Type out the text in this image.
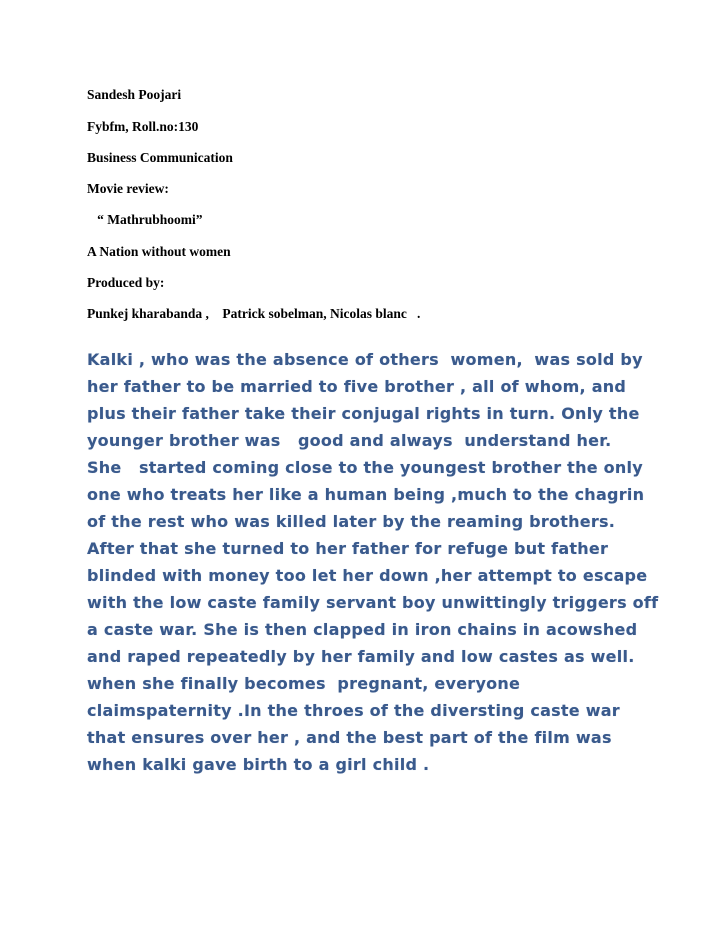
Sandesh Poojari

Fybfm, Roll.no:130

Business Communication

Movie review:

“ Mathrubhoomi”

A Nation without women

Produced by:

Punkej kharabanda ,    Patrick sobelman, Nicolas blanc   .

Kalki , who was the absence of others  women,  was sold by

her father to be married to five brother , all of whom, and

plus their father take their conjugal rights in turn. Only the

younger brother was   good and always  understand her.

She   started coming close to the youngest brother the only

one who treats her like a human being ,much to the chagrin

of the rest who was killed later by the reaming brothers.

After that she turned to her father for refuge but father

blinded with money too let her down ,her attempt to escape

with the low caste family servant boy unwittingly triggers off

a caste war. She is then clapped in iron chains in acowshed

and raped repeatedly by her family and low castes as well.

when she finally becomes  pregnant, everyone

claimspaternity .In the throes of the diversting caste war

that ensures over her , and the best part of the film was

when kalki gave birth to a girl child .
